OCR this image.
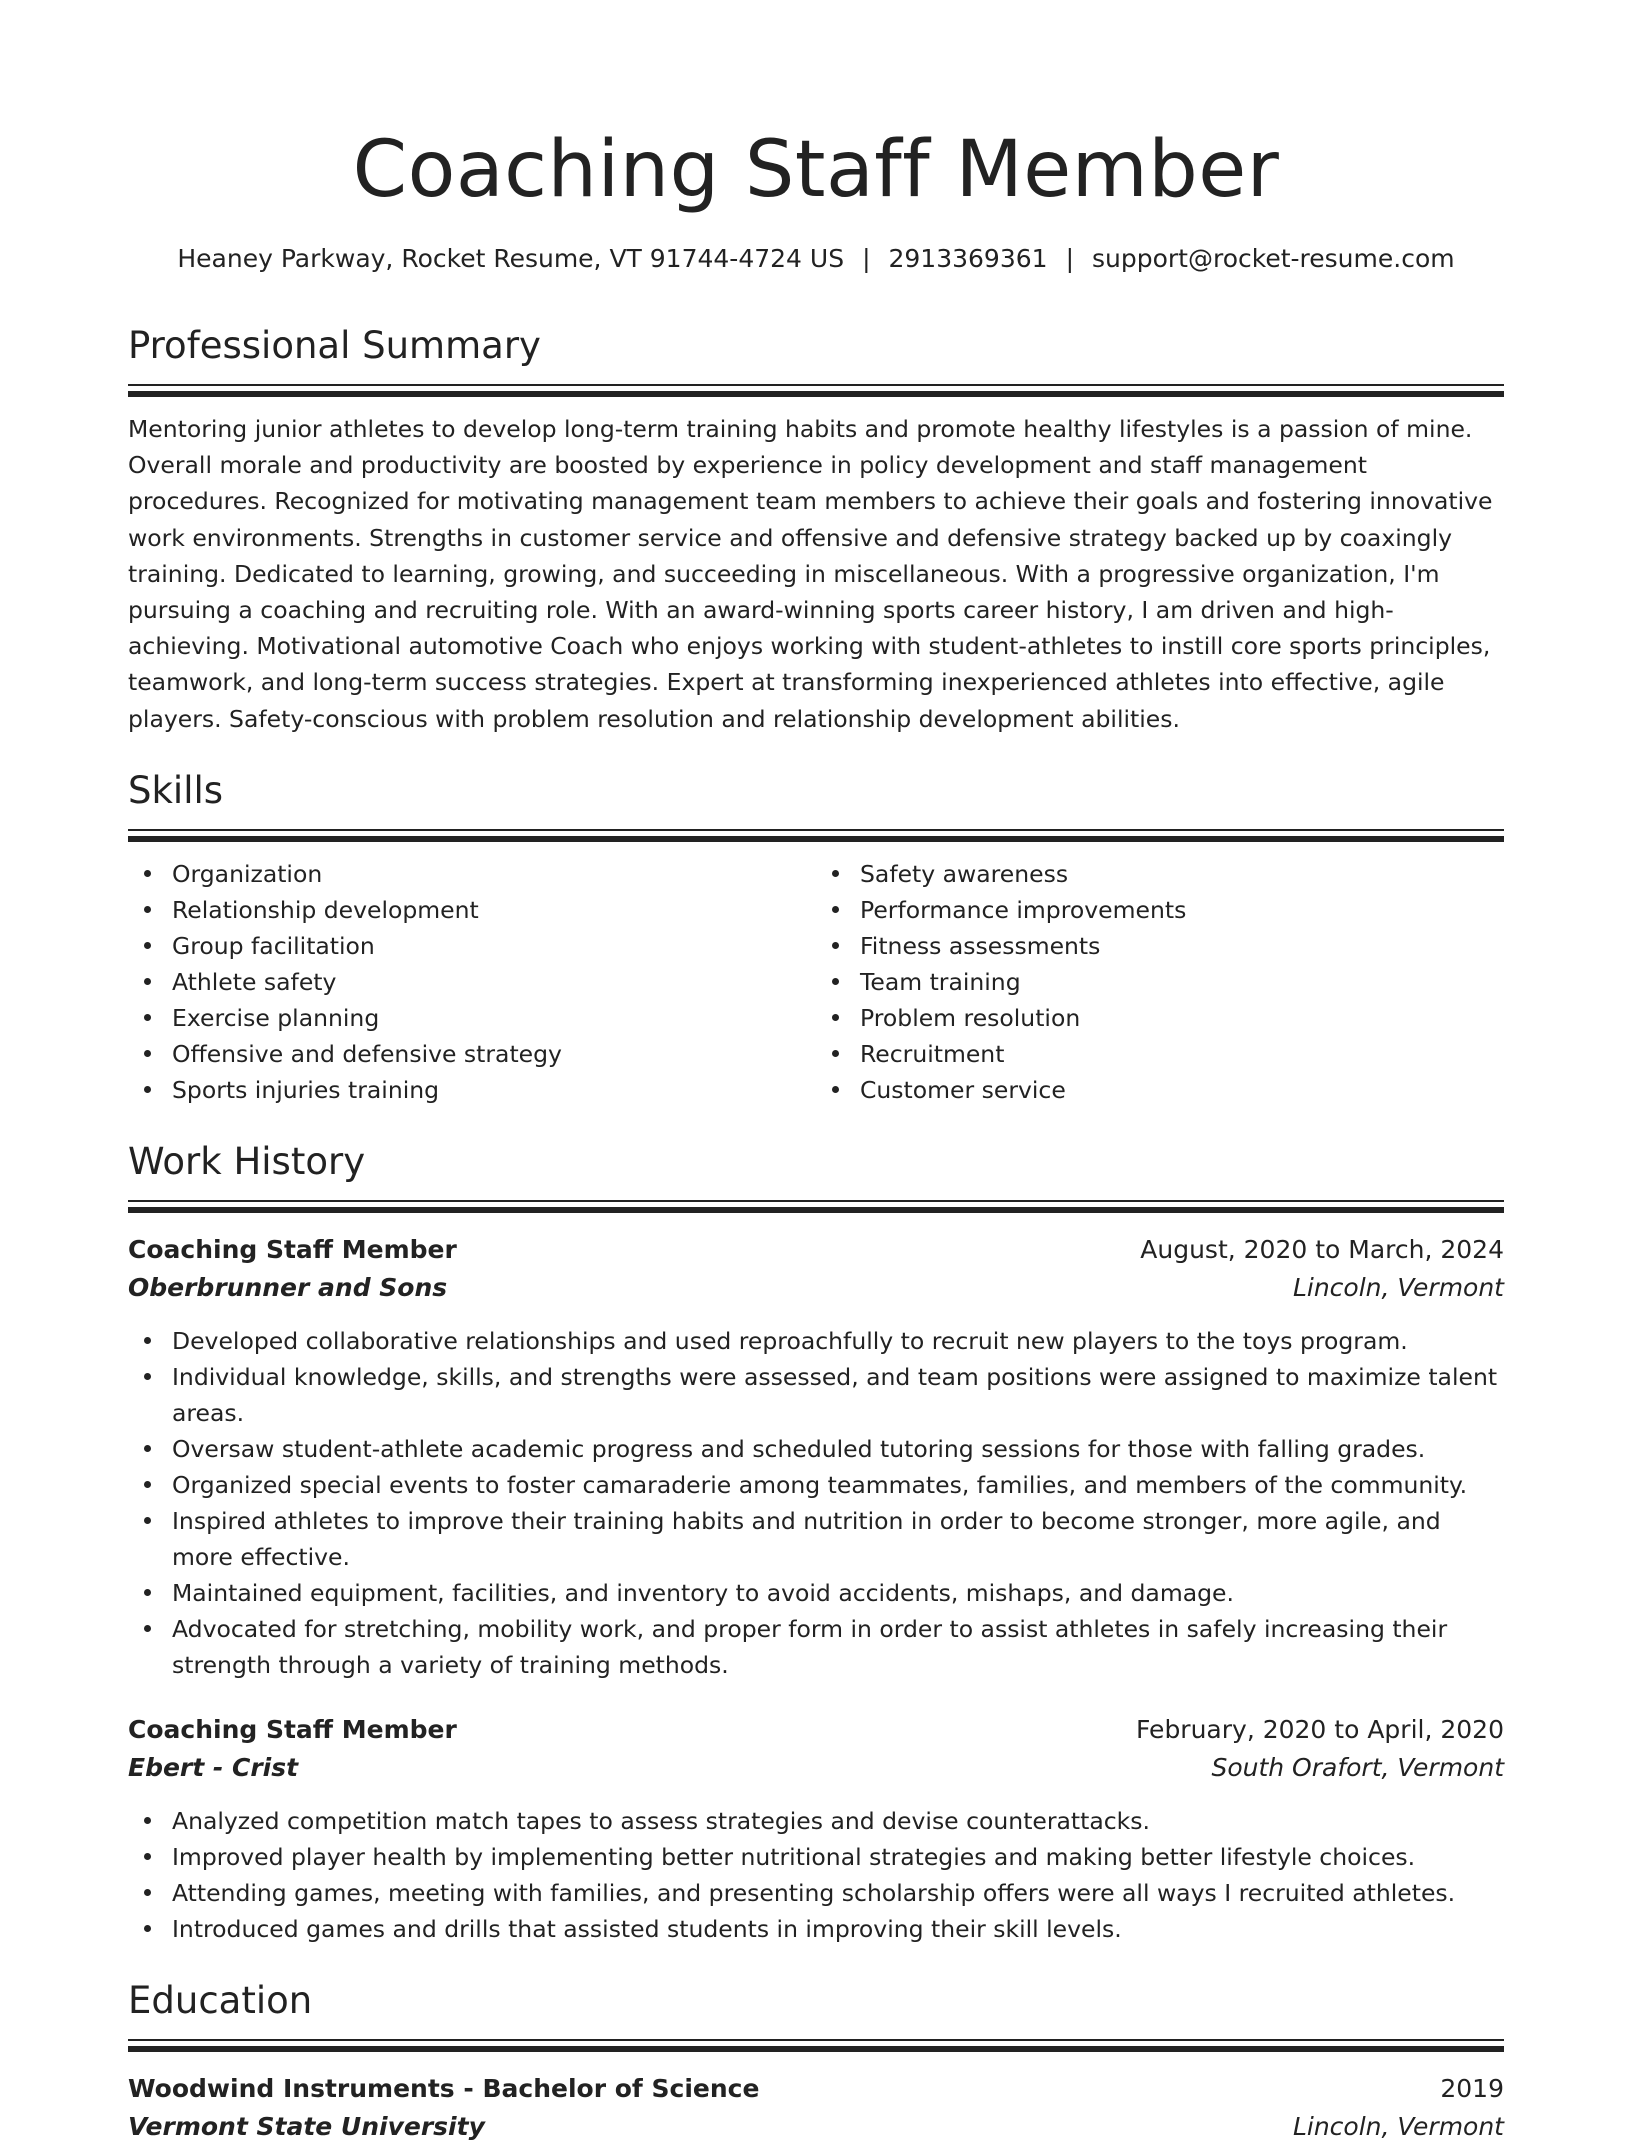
Coaching Staff Member
Heaney Parkway, Rocket Resume, VT 91744-4724 US | 2913369361 | support@rocket-resume.com
Professional Summary
Mentoring junior athletes to develop long-term training habits and promote healthy lifestyles is a passion of mine. Overall morale and productivity are boosted by experience in policy development and staff management procedures. Recognized for motivating management team members to achieve their goals and fostering innovative work environments. Strengths in customer service and offensive and defensive strategy backed up by coaxingly training. Dedicated to learning, growing, and succeeding in miscellaneous. With a progressive organization, I'm pursuing a coaching and recruiting role. With an award-winning sports career history, I am driven and high-achieving. Motivational automotive Coach who enjoys working with student-athletes to instill core sports principles, teamwork, and long-term success strategies. Expert at transforming inexperienced athletes into effective, agile players. Safety-conscious with problem resolution and relationship development abilities.
Skills
Organization
Relationship development
Group facilitation
Athlete safety
Exercise planning
Offensive and defensive strategy
Sports injuries training
Safety awareness
Performance improvements
Fitness assessments
Team training
Problem resolution
Recruitment
Customer service
Work History
Coaching Staff Member	August, 2020 to March, 2024
Oberbrunner and Sons	Lincoln, Vermont
Developed collaborative relationships and used reproachfully to recruit new players to the toys program.
Individual knowledge, skills, and strengths were assessed, and team positions were assigned to maximize talent areas.
Oversaw student-athlete academic progress and scheduled tutoring sessions for those with falling grades.
Organized special events to foster camaraderie among teammates, families, and members of the community.
Inspired athletes to improve their training habits and nutrition in order to become stronger, more agile, and more effective.
Maintained equipment, facilities, and inventory to avoid accidents, mishaps, and damage.
Advocated for stretching, mobility work, and proper form in order to assist athletes in safely increasing their strength through a variety of training methods.
Coaching Staff Member	February, 2020 to April, 2020
Ebert - Crist	South Orafort, Vermont
Analyzed competition match tapes to assess strategies and devise counterattacks.
Improved player health by implementing better nutritional strategies and making better lifestyle choices.
Attending games, meeting with families, and presenting scholarship offers were all ways I recruited athletes.
Introduced games and drills that assisted students in improving their skill levels.
Education
Woodwind Instruments - Bachelor of Science	2019
Vermont State University	Lincoln, Vermont
